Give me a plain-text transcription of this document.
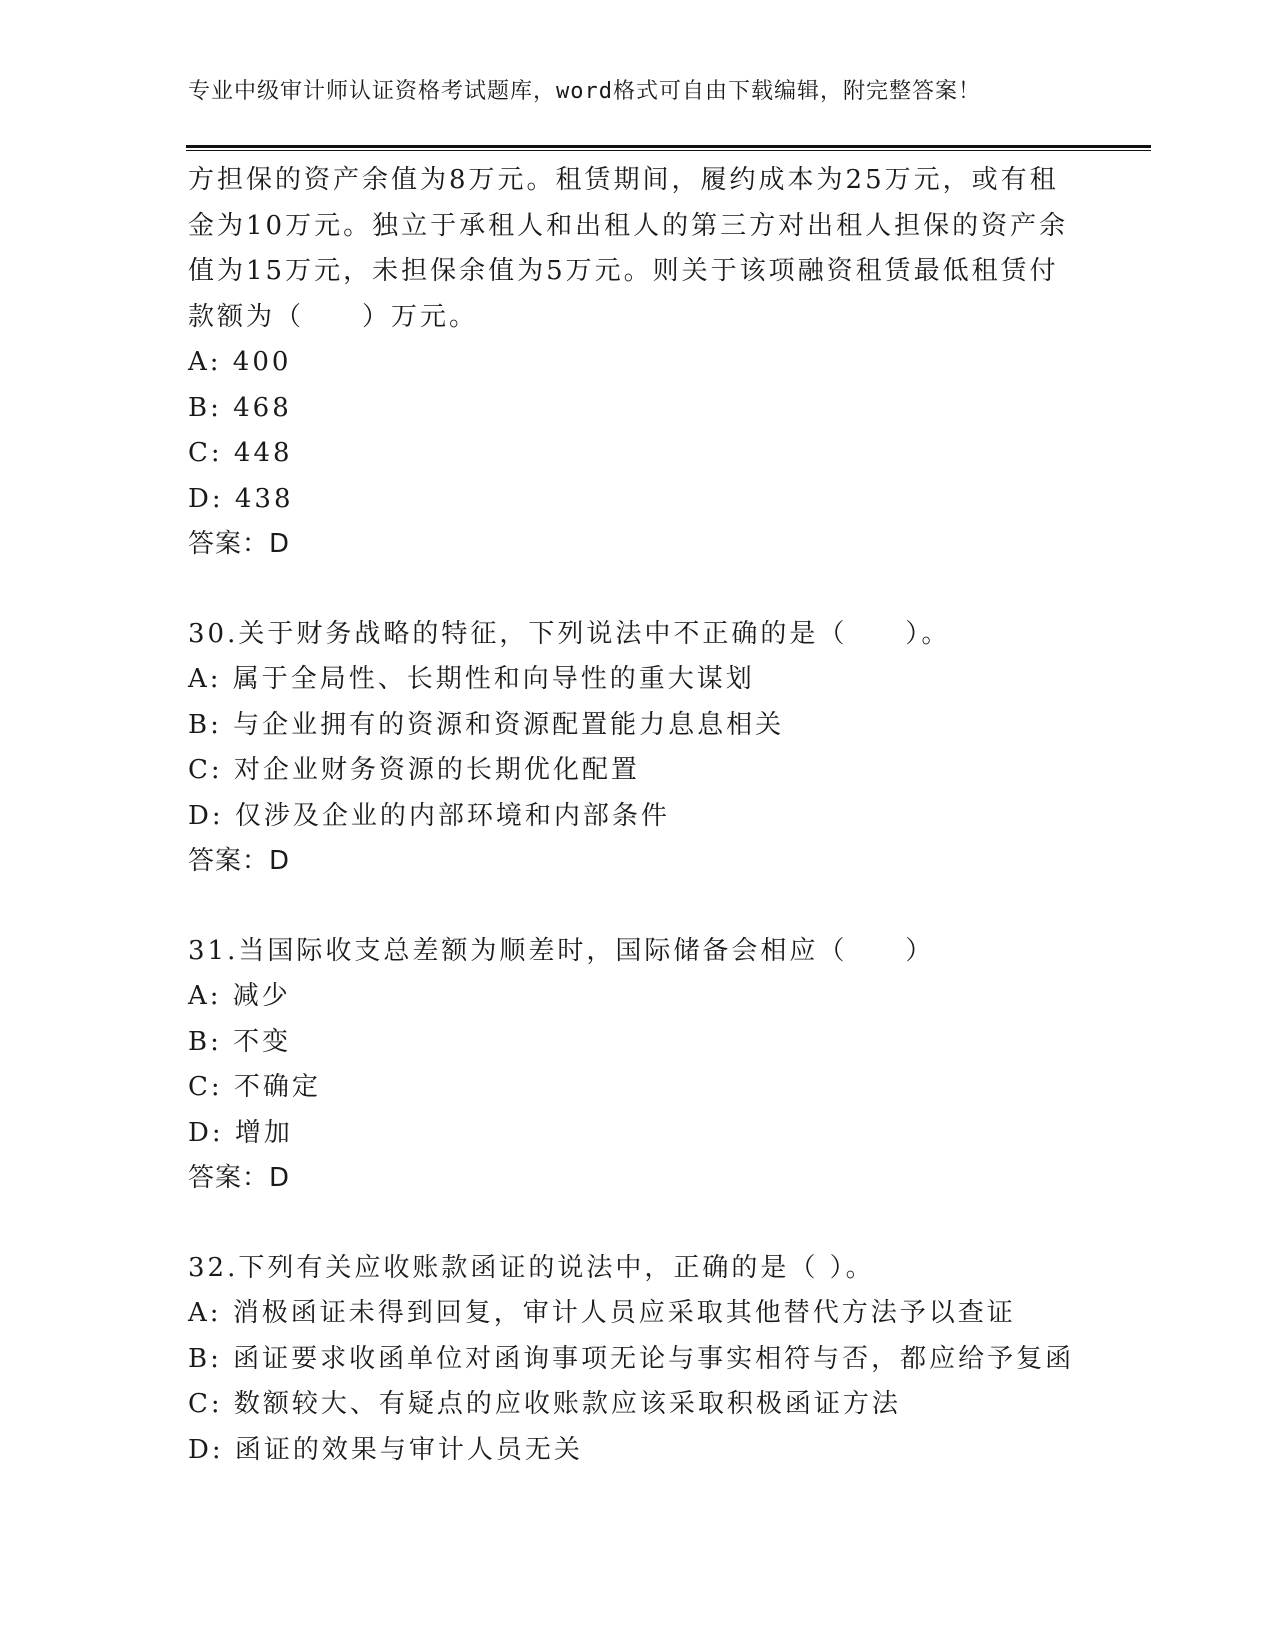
专业中级审计师认证资格考试题库，word格式可自由下载编辑，附完整答案！
方担保的资产余值为8万元。租赁期间，履约成本为25万元，或有租
金为10万元。独立于承租人和出租人的第三方对出租人担保的资产余
值为15万元，未担保余值为5万元。则关于该项融资租赁最低租赁付
款额为（　　）万元。
A: 400
B: 468
C: 448
D: 438
答案：D
30.关于财务战略的特征，下列说法中不正确的是（　　）。
A: 属于全局性、长期性和向导性的重大谋划
B: 与企业拥有的资源和资源配置能力息息相关
C: 对企业财务资源的长期优化配置
D: 仅涉及企业的内部环境和内部条件
答案：D
31.当国际收支总差额为顺差时，国际储备会相应（　　）
A: 减少
B: 不变
C: 不确定
D: 增加
答案：D
32.下列有关应收账款函证的说法中，正确的是（ ）。
A: 消极函证未得到回复，审计人员应采取其他替代方法予以查证
B: 函证要求收函单位对函询事项无论与事实相符与否，都应给予复函
C: 数额较大、有疑点的应收账款应该采取积极函证方法
D: 函证的效果与审计人员无关
